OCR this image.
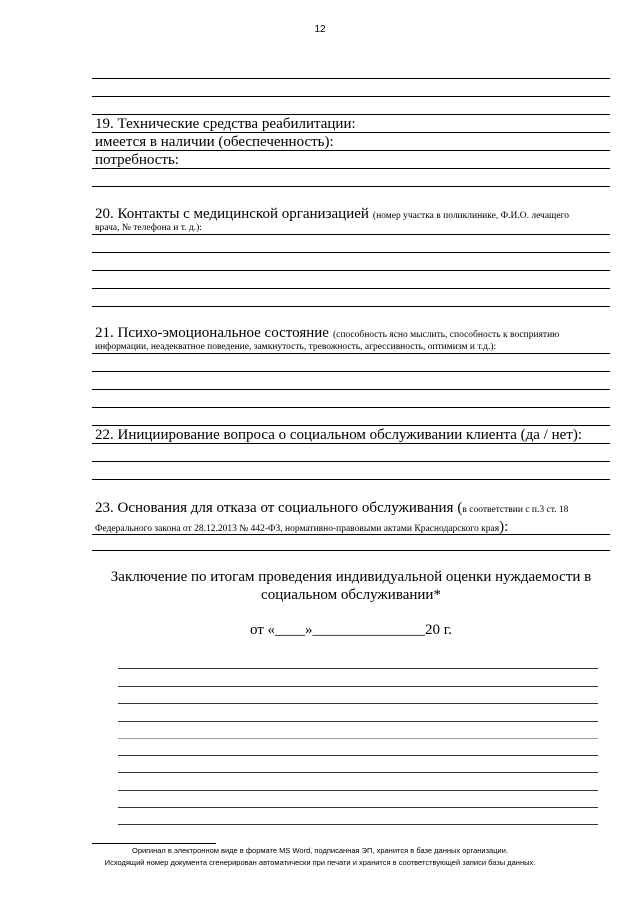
12
19. Технические средства реабилитации:
имеется в наличии (обеспеченность):
потребность:
20. Контакты с медицинской организацией (номер участка в поликлинике, Ф.И.О. лечащего
врача, № телефона и т. д.):
21. Психо-эмоциональное состояние (способность ясно мыслить, способность к восприятию
информации, неадекватное поведение, замкнутость, тревожность, агрессивность, оптимизм и т.д.):
22. Инициирование вопроса о социальном обслуживании клиента (да / нет):
23. Основания для отказа от социального обслуживания (в соответствии с п.3 ст. 18
Федерального закона от 28.12.2013 № 442-ФЗ, нормативно-правовыми актами Краснодарского края):
Заключение по итогам проведения индивидуальной оценки нуждаемости в
социальном обслуживании*
от «____»_______________20 г.
Оригинал в электронном виде в формате MS Word, подписанная ЭП, хранится в базе данных организации.
Исходящий номер документа сгенерирован автоматически при печати и хранится в соответствующей записи базы данных.
